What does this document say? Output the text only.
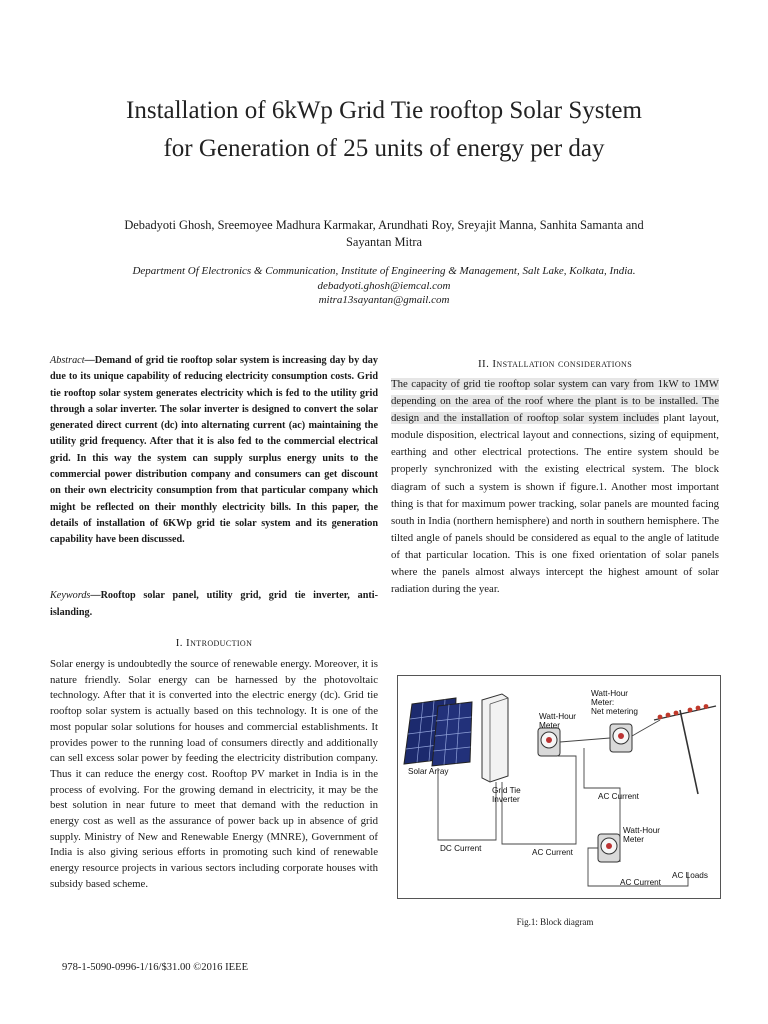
Installation of 6kWp Grid Tie rooftop Solar System
for Generation of 25 units of energy per day
Debadyoti Ghosh, Sreemoyee Madhura Karmakar, Arundhati Roy, Sreyajit Manna, Sanhita Samanta and
Sayantan Mitra
Department Of Electronics & Communication, Institute of Engineering & Management, Salt Lake, Kolkata, India.
debadyoti.ghosh@iemcal.com
mitra13sayantan@gmail.com
Abstract—Demand of grid tie rooftop solar system is increasing day by day due to its unique capability of reducing electricity consumption costs. Grid tie rooftop solar system generates electricity which is fed to the utility grid through a solar inverter. The solar inverter is designed to convert the solar generated direct current (dc) into alternating current (ac) maintaining the utility grid frequency. After that it is also fed to the commercial electrical grid. In this way the system can supply surplus energy units to the commercial power distribution company and consumers can get discount on their own electricity consumption from that particular company which might be reflected on their monthly electricity bills. In this paper, the details of installation of 6KWp grid tie solar system and its generation capability have been discussed.
Keywords—Rooftop solar panel, utility grid, grid tie inverter, anti-islanding.
I. Introduction
Solar energy is undoubtedly the source of renewable energy. Moreover, it is nature friendly. Solar energy can be harnessed by the photovoltaic technology. After that it is converted into the electric energy (dc). Grid tie rooftop solar system is actually based on this technology. It is one of the most popular solar solutions for houses and commercial establishments. It provides power to the running load of consumers directly and additionally can sell excess solar power by feeding the electricity distribution company. Thus it can reduce the energy cost. Rooftop PV market in India is in the process of evolving. For the growing demand in electricity, it may be the best solution in near future to meet that demand with the reduction in energy cost as well as the assurance of power back up in absence of grid supply. Ministry of New and Renewable Energy (MNRE), Government of India is also giving serious efforts in promoting such kind of renewable energy resource projects in various sectors including corporate houses with subsidy based scheme.
II. Installation considerations
The capacity of grid tie rooftop solar system can vary from 1kW to 1MW depending on the area of the roof where the plant is to be installed. The design and the installation of rooftop solar system includes plant layout, module disposition, electrical layout and connections, sizing of equipment, earthing and other electrical protections. The entire system should be properly synchronized with the existing electrical system. The block diagram of such a system is shown if figure.1. Another most important thing is that for maximum power tracking, solar panels are mounted facing south in India (northern hemisphere) and north in southern hemisphere. The tilted angle of panels should be considered as equal to the angle of latitude of that particular location. This is one fixed orientation of solar panels where the panels almost always intercept the highest amount of solar radiation during the year.
Solar Array
Grid Tie
Inverter
Watt-Hour
Meter
Watt-Hour
Meter:
Net metering
Watt-Hour
Meter
DC Current	AC Current
AC Current
AC Current
AC Loads
Fig.1: Block diagram
978-1-5090-0996-1/16/$31.00 ©2016 IEEE
